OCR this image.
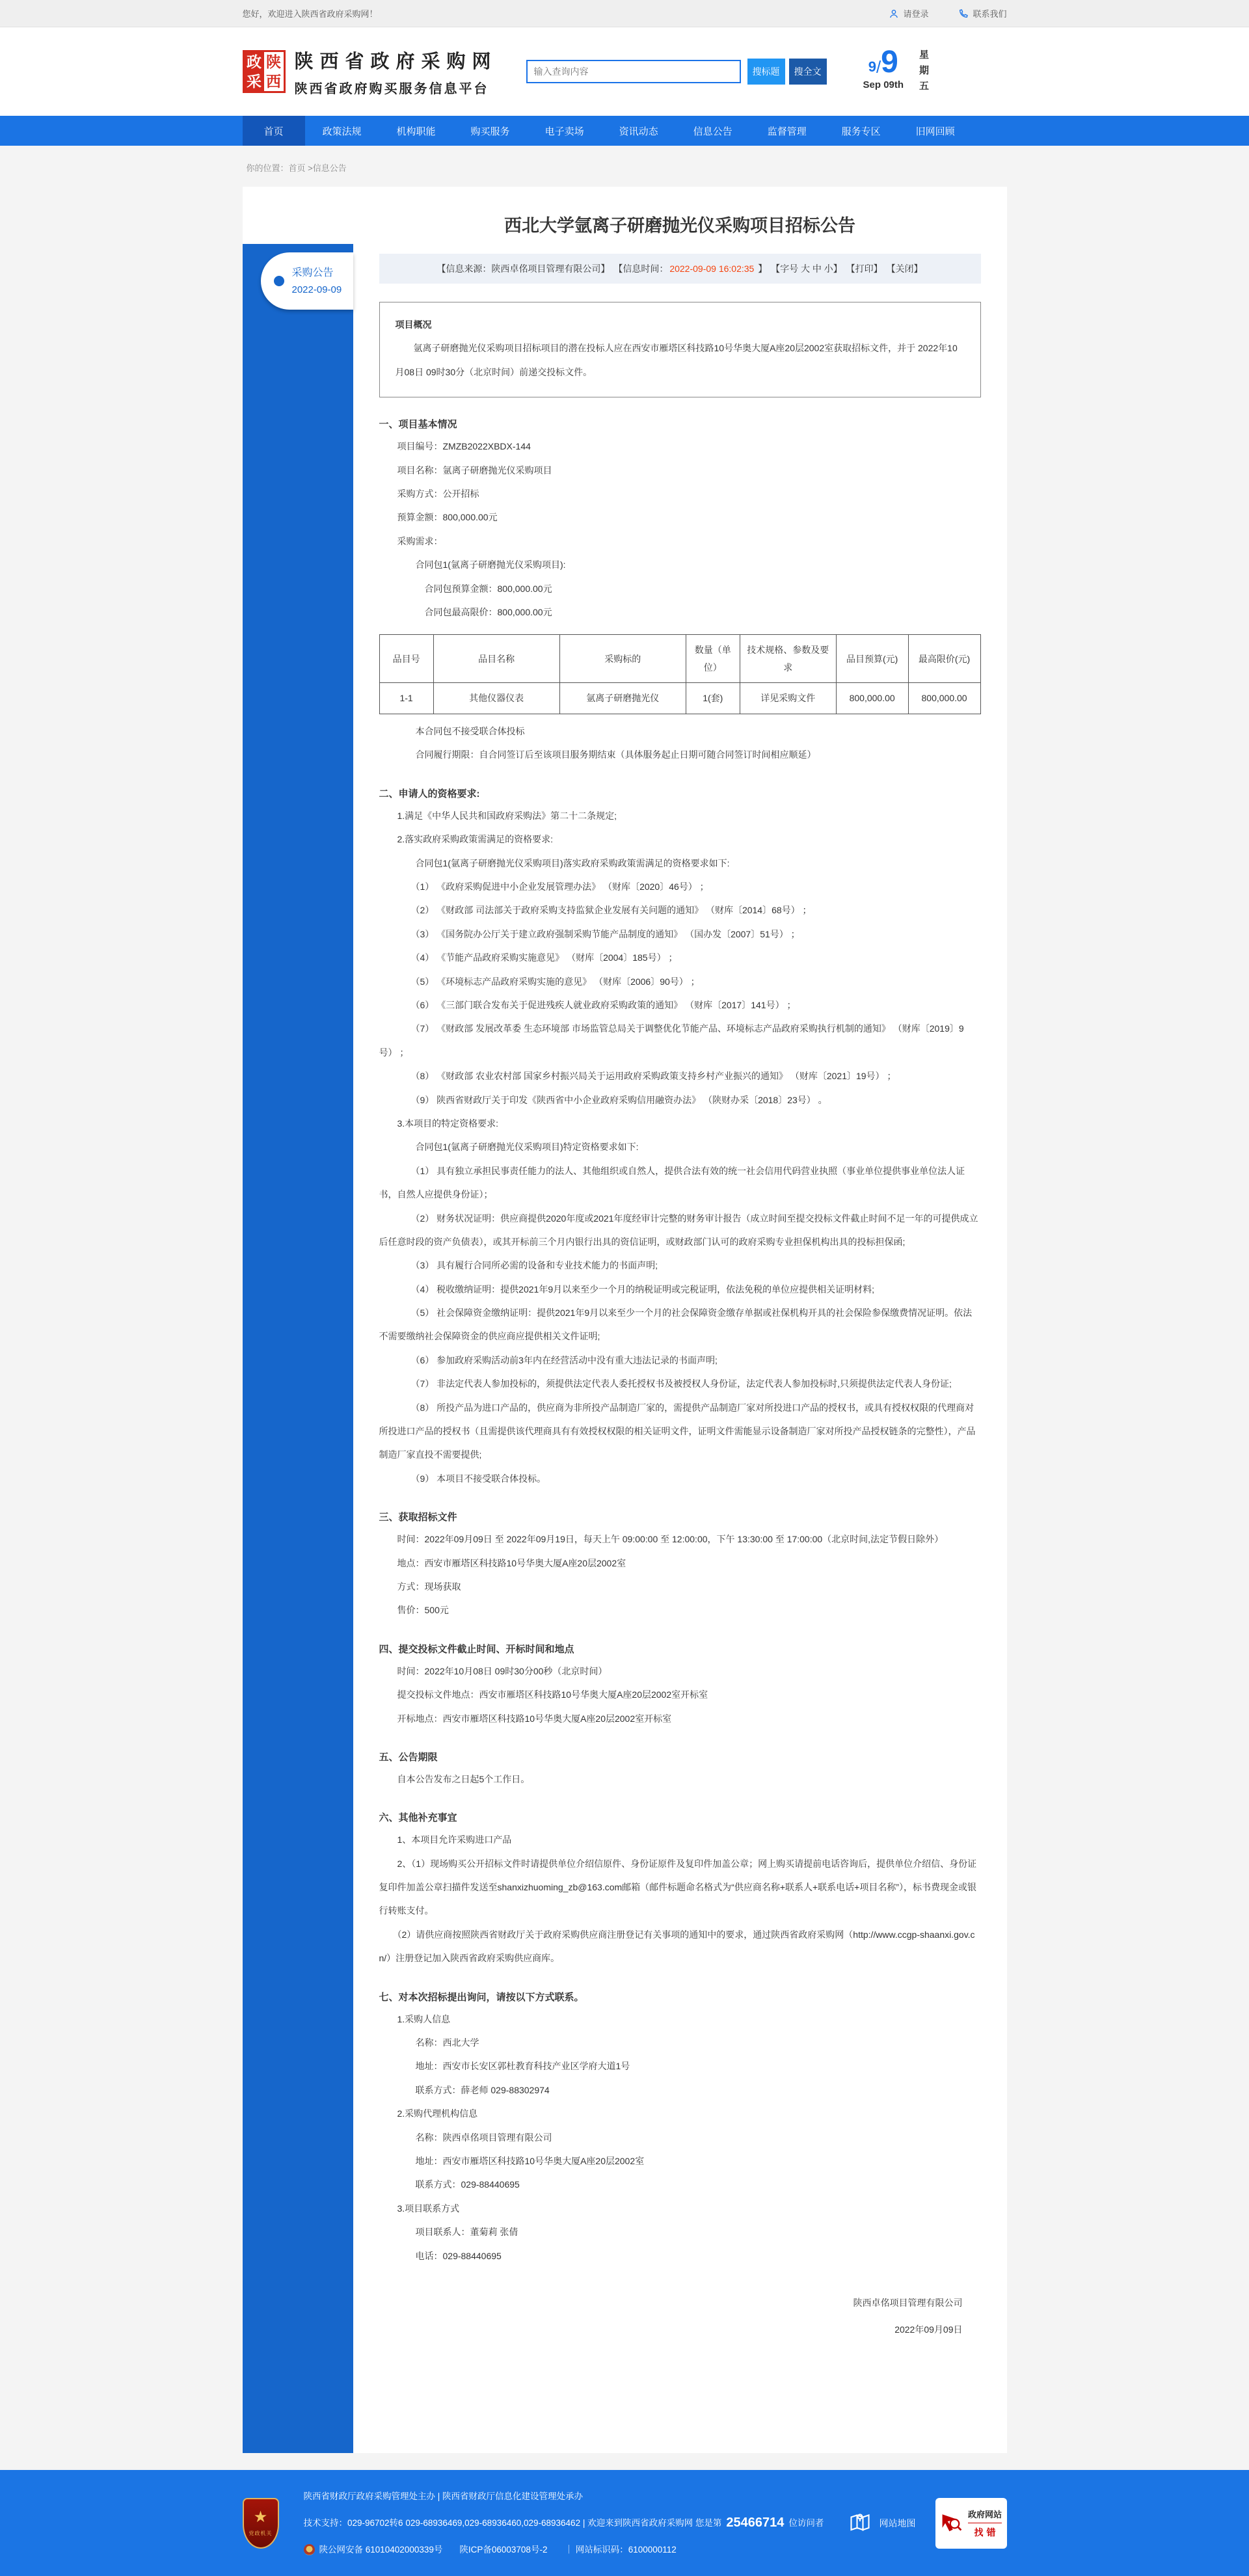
您好，欢迎进入陕西省政府采购网！	请登录	联系我们
政
采
陕
西
陕西省政府采购网
陕西省政府购买服务信息平台
输入查询内容
搜标题	搜全文	9 / 9
Sep 09th 星期五
首页	政策法规	机构职能	购买服务	电子卖场	资讯动态	信息公告	监督管理	服务专区	旧网回顾
你的位置：首页 >信息公告
采购公告
2022-09-09
西北大学氩离子研磨抛光仪采购项目招标公告
【信息来源：陕西卓佲项目管理有限公司】 【信息时间： 2022-09-09 16:02:35 】 【字号 大 中 小】 【打印】 【关闭】
项目概况

　　氩离子研磨抛光仪采购项目招标项目的潜在投标人应在西安市雁塔区科技路10号华奥大厦A座20层2002室获取招标文件，并于 2022年10月08日 09时30分（北京时间）前递交投标文件。

一、项目基本情况

　　项目编号：ZMZB2022XBDX-144

　　项目名称：氩离子研磨抛光仪采购项目

　　采购方式：公开招标

　　预算金额：800,000.00元

　　采购需求：

　　　　合同包1(氩离子研磨抛光仪采购项目):

　　　　　合同包预算金额：800,000.00元

　　　　　合同包最高限价：800,000.00元

品目号	品目名称	采购标的	数量（单位）	技术规格、参数及要求	品目预算(元)	最高限价(元)
1-1	其他仪器仪表	氩离子研磨抛光仪	1(套)	详见采购文件	800,000.00	800,000.00

　　　　本合同包不接受联合体投标

　　　　合同履行期限：自合同签订后至该项目服务期结束（具体服务起止日期可随合同签订时间相应顺延）

二、申请人的资格要求:

　　1.满足《中华人民共和国政府采购法》第二十二条规定;

　　2.落实政府采购政策需满足的资格要求:

　　　　合同包1(氩离子研磨抛光仪采购项目)落实政府采购政策需满足的资格要求如下:

　　　　（1） 《政府采购促进中小企业发展管理办法》 （财库〔2020〕46号） ；

　　　　（2） 《财政部 司法部关于政府采购支持监狱企业发展有关问题的通知》 （财库〔2014〕68号） ；

　　　　（3） 《国务院办公厅关于建立政府强制采购节能产品制度的通知》 （国办发〔2007〕51号） ；

　　　　（4） 《节能产品政府采购实施意见》 （财库〔2004〕185号） ；

　　　　（5） 《环境标志产品政府采购实施的意见》 （财库〔2006〕90号） ；

　　　　（6） 《三部门联合发布关于促进残疾人就业政府采购政策的通知》 （财库〔2017〕141号） ；

　　　　（7） 《财政部 发展改革委 生态环境部 市场监管总局关于调整优化节能产品、环境标志产品政府采购执行机制的通知》 （财库〔2019〕9号） ；

　　　　（8） 《财政部 农业农村部 国家乡村振兴局关于运用政府采购政策支持乡村产业振兴的通知》 （财库〔2021〕19号） ；

　　　　（9） 陕西省财政厅关于印发《陕西省中小企业政府采购信用融资办法》 （陕财办采〔2018〕23号） 。

　　3.本项目的特定资格要求:

　　　　合同包1(氩离子研磨抛光仪采购项目)特定资格要求如下:

　　　　（1） 具有独立承担民事责任能力的法人、其他组织或自然人，提供合法有效的统一社会信用代码营业执照（事业单位提供事业单位法人证书，自然人应提供身份证）；

　　　　（2） 财务状况证明：供应商提供2020年度或2021年度经审计完整的财务审计报告（成立时间至提交投标文件截止时间不足一年的可提供成立后任意时段的资产负债表），或其开标前三个月内银行出具的资信证明，或财政部门认可的政府采购专业担保机构出具的投标担保函;

　　　　（3） 具有履行合同所必需的设备和专业技术能力的书面声明;

　　　　（4） 税收缴纳证明：提供2021年9月以来至少一个月的纳税证明或完税证明，依法免税的单位应提供相关证明材料;

　　　　（5） 社会保障资金缴纳证明：提供2021年9月以来至少一个月的社会保障资金缴存单据或社保机构开具的社会保险参保缴费情况证明。依法不需要缴纳社会保障资金的供应商应提供相关文件证明;

　　　　（6） 参加政府采购活动前3年内在经营活动中没有重大违法记录的书面声明;

　　　　（7） 非法定代表人参加投标的，须提供法定代表人委托授权书及被授权人身份证，法定代表人参加投标时,只须提供法定代表人身份证;

　　　　（8） 所投产品为进口产品的，供应商为非所投产品制造厂家的，需提供产品制造厂家对所投进口产品的授权书，或具有授权权限的代理商对所投进口产品的授权书（且需提供该代理商具有有效授权权限的相关证明文件，证明文件需能显示设备制造厂家对所投产品授权链条的完整性），产品制造厂家直投不需要提供;

　　　　（9） 本项目不接受联合体投标。

三、获取招标文件

　　时间：2022年09月09日 至 2022年09月19日，每天上午 09:00:00 至 12:00:00，下午 13:30:00 至 17:00:00（北京时间,法定节假日除外）

　　地点：西安市雁塔区科技路10号华奥大厦A座20层2002室

　　方式：现场获取

　　售价：500元

四、提交投标文件截止时间、开标时间和地点

　　时间：2022年10月08日 09时30分00秒（北京时间）

　　提交投标文件地点：西安市雁塔区科技路10号华奥大厦A座20层2002室开标室

　　开标地点：西安市雁塔区科技路10号华奥大厦A座20层2002室开标室

五、公告期限

　　自本公告发布之日起5个工作日。

六、其他补充事宜

　　1、本项目允许采购进口产品

　　2、（1）现场购买公开招标文件时请提供单位介绍信原件、身份证原件及复印件加盖公章；网上购买请提前电话咨询后，提供单位介绍信、身份证复印件加盖公章扫描件发送至shanxizhuoming_zb@163.com邮箱（邮件标题命名格式为“供应商名称+联系人+联系电话+项目名称”），标书费现金或银行转账支付。

　　（2）请供应商按照陕西省财政厅关于政府采购供应商注册登记有关事项的通知中的要求，通过陕西省政府采购网（http://www.ccgp-shaanxi.gov.cn/）注册登记加入陕西省政府采购供应商库。

七、对本次招标提出询问，请按以下方式联系。

　　1.采购人信息

　　　　名称：西北大学

　　　　地址：西安市长安区郭杜教育科技产业区学府大道1号

　　　　联系方式：薛老师 029-88302974

　　2.采购代理机构信息

　　　　名称：陕西卓佲项目管理有限公司

　　　　地址：西安市雁塔区科技路10号华奥大厦A座20层2002室

　　　　联系方式：029-88440695

　　3.项目联系方式

　　　　项目联系人：董菊莉 张倩

　　　　电话：029-88440695

陕西卓佲项目管理有限公司

2022年09月09日

★
党政机关

陕西省财政厅政府采购管理处主办 | 陕西省财政厅信息化建设管理处承办

技术支持：029-96702转6 029-68936469,029-68936460,029-68936462 | 欢迎来到陕西省政府采购网 您是第 25466714 位访问者

陕公网安备 61010402000339号 陕ICP备06003708号-2 ｜ 网站标识码：6100000112

网站地图
政府网站
找错
